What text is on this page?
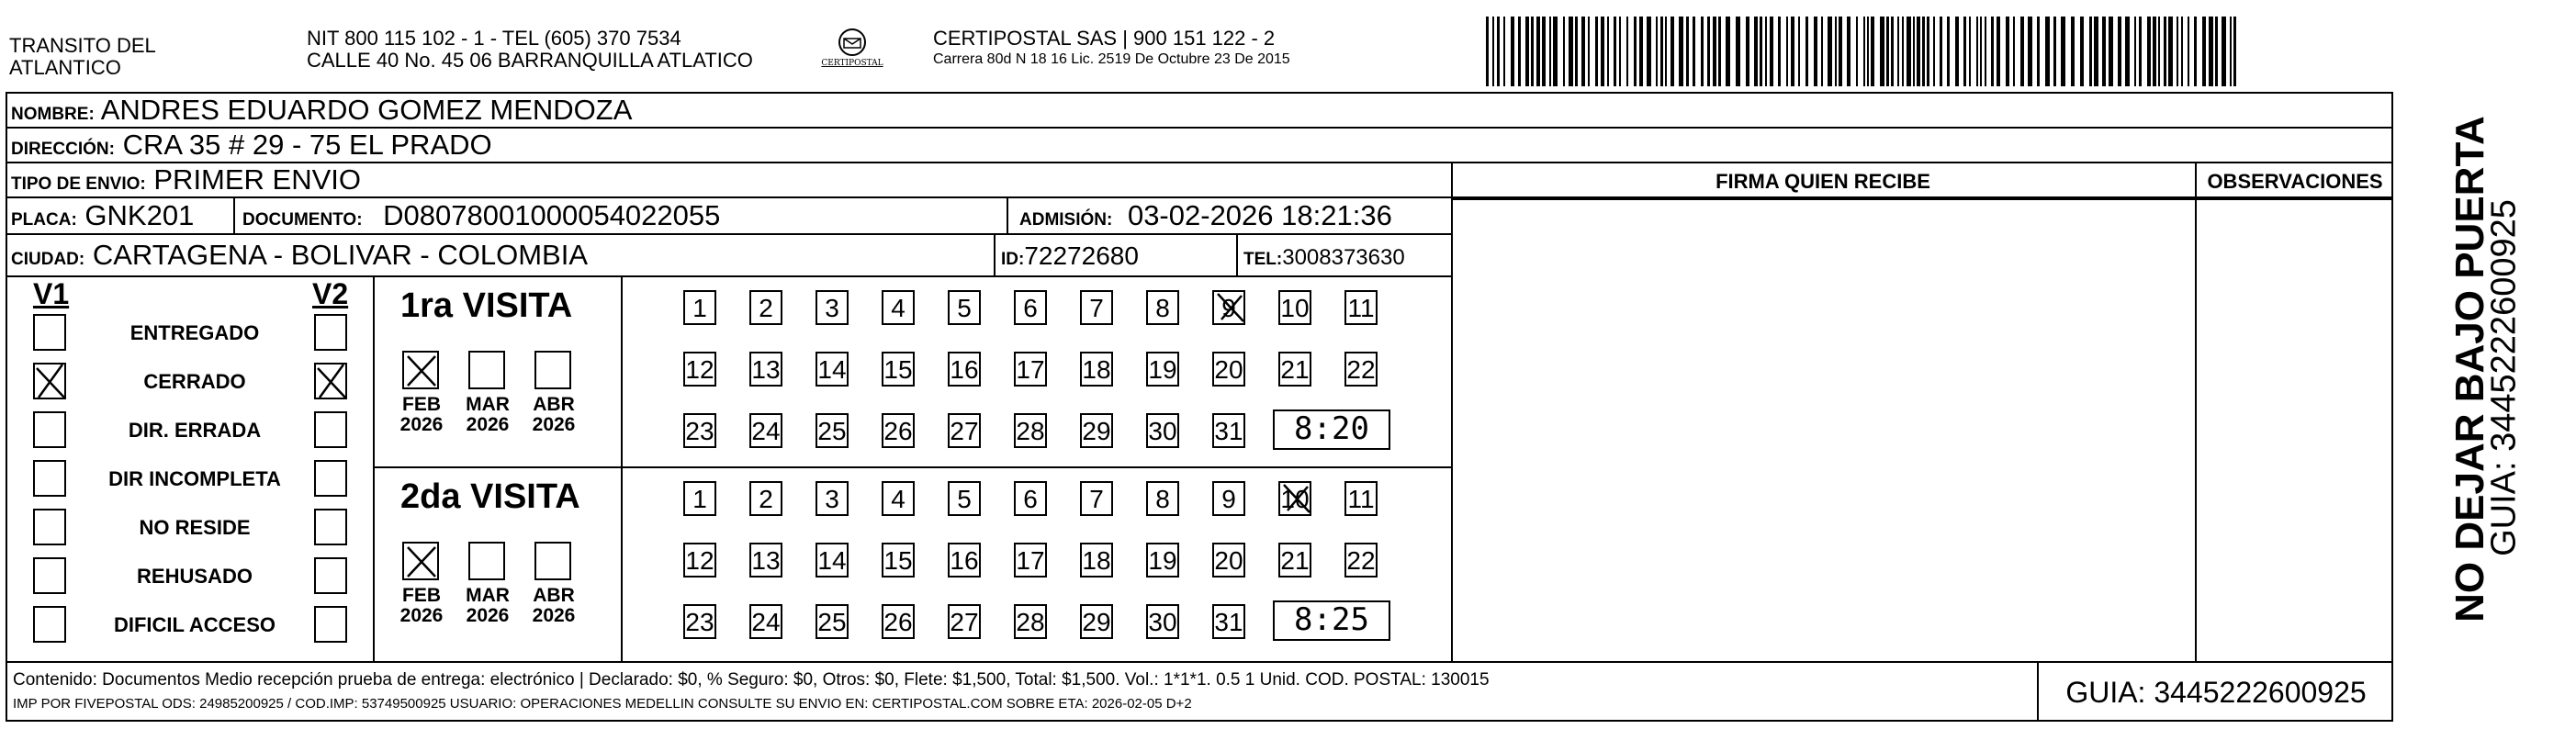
TRANSITO DEL
ATLANTICO
NIT 800 115 102 - 1 - TEL (605) 370 7534
CALLE 40 No. 45 06 BARRANQUILLA ATLATICO	CERTIPOSTAL
CERTIPOSTAL SAS | 900 151 122 - 2
Carrera 80d N 18 16 Lic. 2519 De Octubre 23 De 2015
NOMBRE: ANDRES EDUARDO GOMEZ MENDOZA
DIRECCIÓN: CRA 35 # 29 - 75 EL PRADO
TIPO DE ENVIO: PRIMER ENVIO	FIRMA QUIEN RECIBE	OBSERVACIONES
PLACA: GNK201	DOCUMENTO: D08078001000054022055	ADMISIÓN: 03-02-2026 18:21:36
CIUDAD: CARTAGENA - BOLIVAR - COLOMBIA	ID:72272680	TEL:3008373630
V1	V2
ENTREGADO
CERRADO
DIR. ERRADA
DIR INCOMPLETA
NO RESIDE
REHUSADO
DIFICIL ACCESO
1ra VISITA
FEB
2026
MAR
2026
ABR
2026
1	2	3	4	5	6	7	8	9	10 11
12 13 14 15 16 17 18 19 20 21 22
23 24 25 26 27 28 29 30 31	8:20
2da VISITA
FEB
2026
MAR
2026
ABR
2026
1	2	3	4	5	6	7	8	9	10 11
12 13 14 15 16 17 18 19 20 21 22
23 24 25 26 27 28 29 30 31	8:25
Contenido: Documentos Medio recepción prueba de entrega: electrónico | Declarado: $0, % Seguro: $0, Otros: $0, Flete: $1,500, Total: $1,500. Vol.: 1*1*1. 0.5 1 Unid. COD. POSTAL: 130015
IMP POR FIVEPOSTAL ODS: 24985200925 / COD.IMP: 53749500925 USUARIO: OPERACIONES MEDELLIN CONSULTE SU ENVIO EN: CERTIPOSTAL.COM SOBRE ETA: 2026-02-05 D+2	GUIA: 3445222600925
NO DEJAR BAJO PUERTA
GUIA: 3445222600925
